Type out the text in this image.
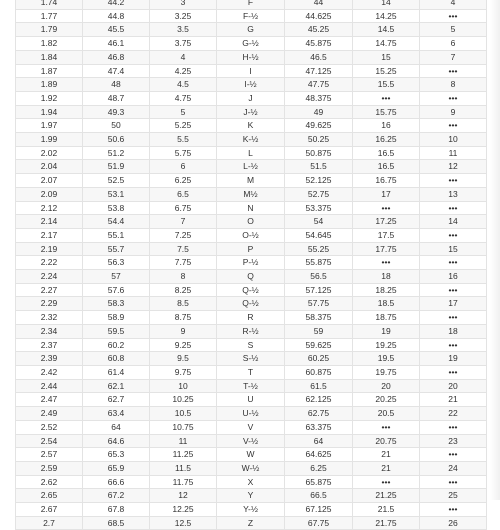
1.74	44.2	3	F	44	14	4
1.77	44.8	3.25	F-½	44.625	14.25	•••
1.79	45.5	3.5	G	45.25	14.5	5
1.82	46.1	3.75	G-½	45.875	14.75	6
1.84	46.8	4	H-½	46.5	15	7
1.87	47.4	4.25	I	47.125	15.25	•••
1.89	48	4.5	I-½	47.75	15.5	8
1.92	48.7	4.75	J	48.375	•••	•••
1.94	49.3	5	J-½	49	15.75	9
1.97	50	5.25	K	49.625	16	•••
1.99	50.6	5.5	K-½	50.25	16.25	10
2.02	51.2	5.75	L	50.875	16.5	11
2.04	51.9	6	L-½	51.5	16.5	12
2.07	52.5	6.25	M	52.125	16.75	•••
2.09	53.1	6.5	M½	52.75	17	13
2.12	53.8	6.75	N	53.375	•••	•••
2.14	54.4	7	O	54	17.25	14
2.17	55.1	7.25	O-½	54.645	17.5	•••
2.19	55.7	7.5	P	55.25	17.75	15
2.22	56.3	7.75	P-½	55.875	•••	•••
2.24	57	8	Q	56.5	18	16
2.27	57.6	8.25	Q-½	57.125	18.25	•••
2.29	58.3	8.5	Q-½	57.75	18.5	17
2.32	58.9	8.75	R	58.375	18.75	•••
2.34	59.5	9	R-½	59	19	18
2.37	60.2	9.25	S	59.625	19.25	•••
2.39	60.8	9.5	S-½	60.25	19.5	19
2.42	61.4	9.75	T	60.875	19.75	•••
2.44	62.1	10	T-½	61.5	20	20
2.47	62.7	10.25	U	62.125	20.25	21
2.49	63.4	10.5	U-½	62.75	20.5	22
2.52	64	10.75	V	63.375	•••	•••
2.54	64.6	11	V-½	64	20.75	23
2.57	65.3	11.25	W	64.625	21	•••
2.59	65.9	11.5	W-½	6.25	21	24
2.62	66.6	11.75	X	65.875	•••	•••
2.65	67.2	12	Y	66.5	21.25	25
2.67	67.8	12.25	Y-½	67.125	21.5	•••
2.7	68.5	12.5	Z	67.75	21.75	26
